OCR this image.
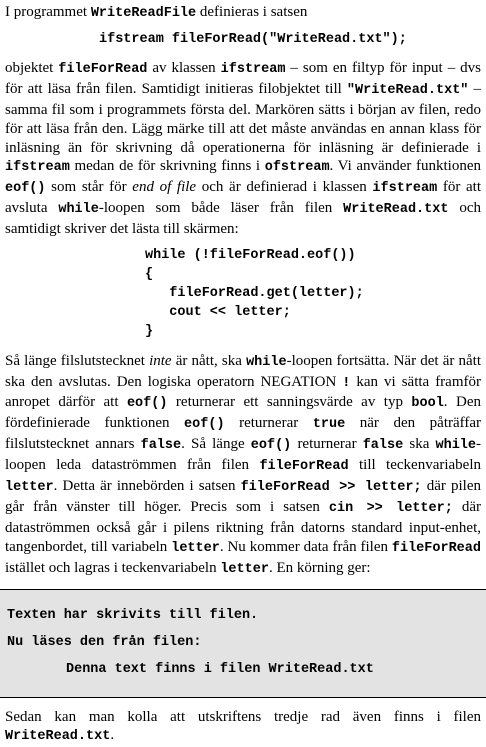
I programmet WriteReadFile definieras i satsen

ifstream fileForRead("WriteRead.txt");

objektet fileForRead av klassen ifstream – som en filtyp för input – dvs för att läsa från filen. Samtidigt initieras filobjektet till "WriteRead.txt" – samma fil som i programmets första del. Markören sätts i början av filen, redo för att läsa från den. Lägg märke till att det måste användas en annan klass för inläsning än för skrivning då operationerna för inläsning är definierade i ifstream medan de för skrivning finns i ofstream. Vi använder funktionen eof() som står för end of file och är definierad i klassen ifstream för att avsluta while-loopen som både läser från filen WriteRead.txt och samtidigt skriver det lästa till skärmen:

while (!fileForRead.eof())
{
fileForRead.get(letter);
cout << letter;
}

Så länge filslutstecknet inte är nått, ska while-loopen fortsätta. När det är nått ska den avslutas. Den logiska operatorn NEGATION ! kan vi sätta framför anropet därför att eof() returnerar ett sanningsvärde av typ bool. Den fördefinierade funktionen eof() returnerar true när den påträffar filslutstecknet annars false. Så länge eof() returnerar false ska while-loopen leda dataströmmen från filen fileForRead till teckenvariabeln letter. Detta är innebörden i satsen fileForRead >> letter; där pilen går från vänster till höger. Precis som i satsen cin >> letter; där dataströmmen också går i pilens riktning från datorns standard input-enhet, tangenbordet, till variabeln letter. Nu kommer data från filen fileForRead istället och lagras i teckenvariabeln letter. En körning ger:

Texten har skrivits till filen.
Nu läses den från filen:
Denna text finns i filen WriteRead.txt

Sedan kan man kolla att utskriftens tredje rad även finns i filen WriteRead.txt.
